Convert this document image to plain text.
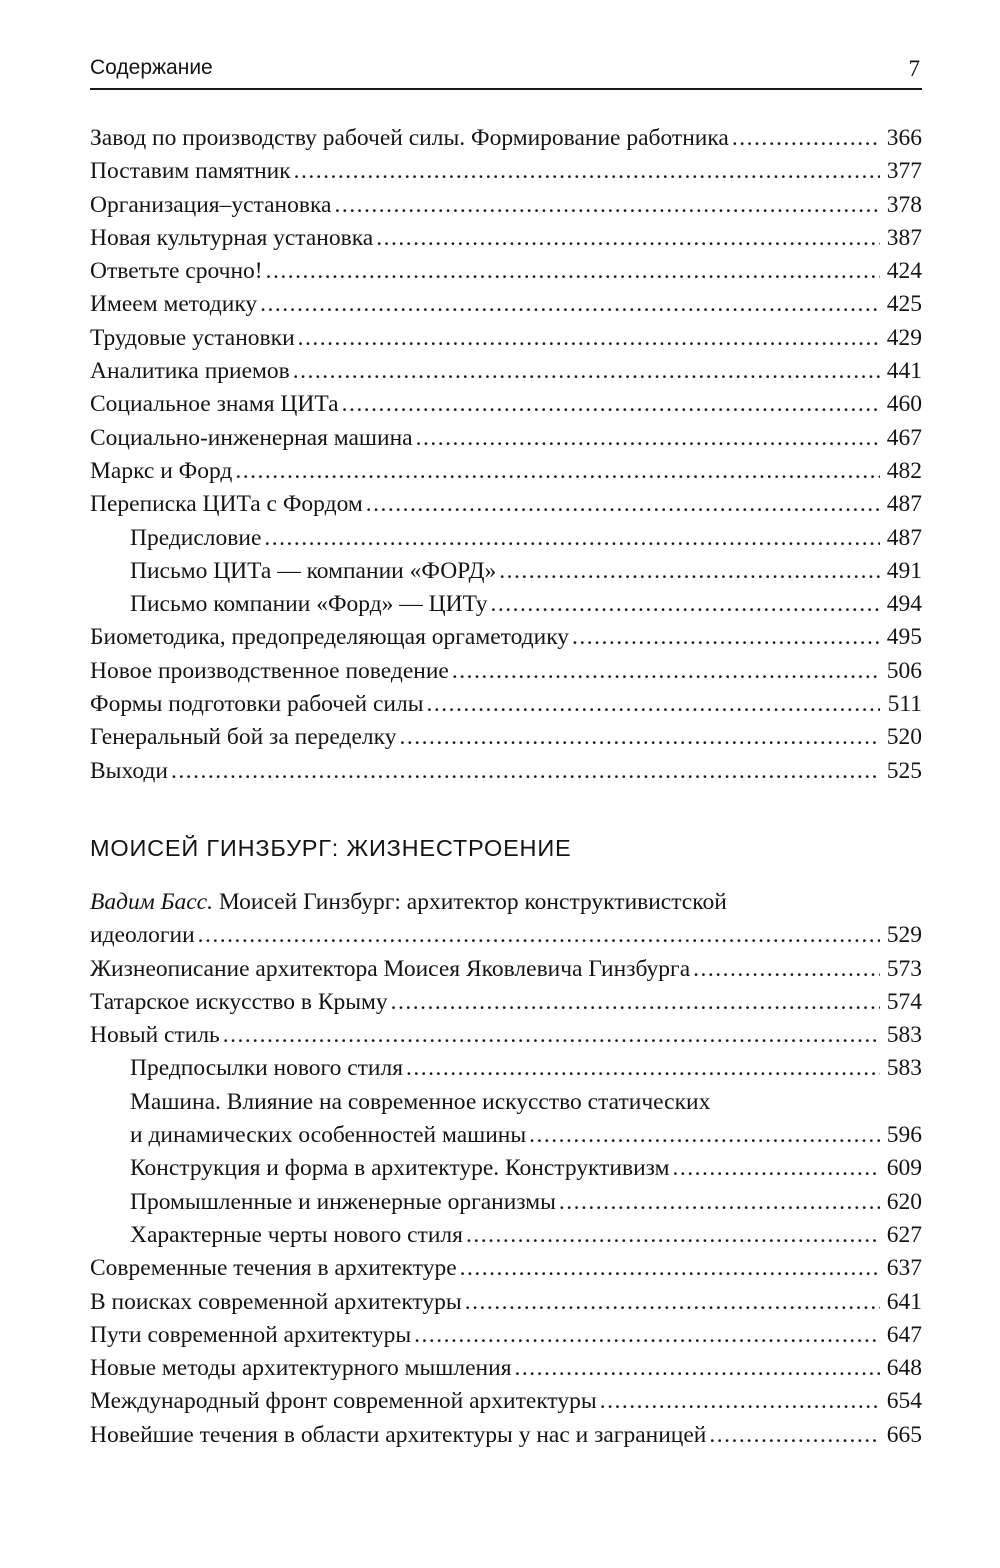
Содержание	7
Завод по производству рабочей силы. Формирование работника .....	366
Поставим памятник .....	377
Организация–установка .....	378
Новая культурная установка .....	387
Ответьте срочно! .....	424
Имеем методику .....	425
Трудовые установки .....	429
Аналитика приемов .....	441
Социальное знамя ЦИТа .....	460
Социально-инженерная машина .....	467
Маркс и Форд .....	482
Переписка ЦИТа с Фордом .....	487
Предисловие .....	487
Письмо ЦИТа — компании «ФОРД» .....	491
Письмо компании «Форд» — ЦИТу .....	494
Биометодика, предопределяющая оргаметодику .....	495
Новое производственное поведение .....	506
Формы подготовки рабочей силы .....	511
Генеральный бой за переделку .....	520
Выходи .....	525
МОИСЕЙ ГИНЗБУРГ: ЖИЗНЕСТРОЕНИЕ
Вадим Басс. Моисей Гинзбург: архитектор конструктивистской
идеологии .....	529
Жизнеописание архитектора Моисея Яковлевича Гинзбурга .....	573
Татарское искусство в Крыму .....	574
Новый стиль .....	583
Предпосылки нового стиля .....	583
Машина. Влияние на современное искусство статических
и динамических особенностей машины .....	596
Конструкция и форма в архитектуре. Конструктивизм .....	609
Промышленные и инженерные организмы .....	620
Характерные черты нового стиля .....	627
Современные течения в архитектуре .....	637
В поисках современной архитектуры .....	641
Пути современной архитектуры .....	647
Новые методы архитектурного мышления .....	648
Международный фронт современной архитектуры .....	654
Новейшие течения в области архитектуры у нас и заграницей .....	665
